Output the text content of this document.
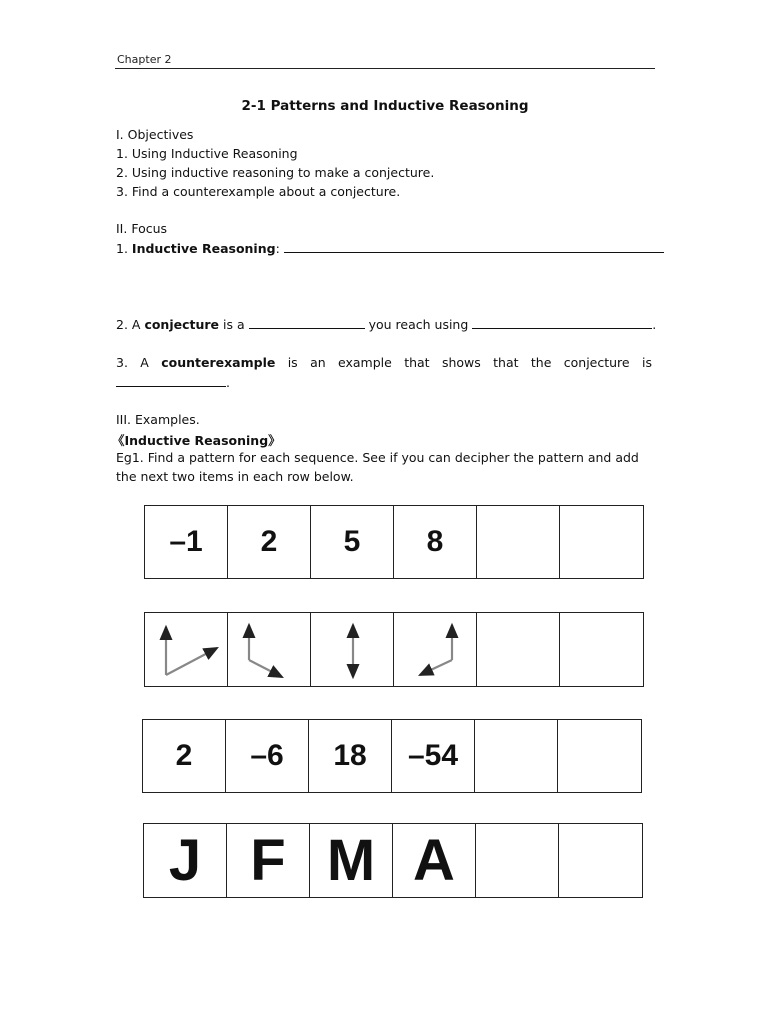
Chapter 2
2-1 Patterns and Inductive Reasoning
I. Objectives
1. Using Inductive Reasoning
2. Using inductive reasoning to make a conjecture.
3. Find a counterexample about a conjecture.
II. Focus
1. Inductive Reasoning:
2. A conjecture is a	you reach using	.
3. A counterexample is an example that shows that the conjecture is
.
III. Examples.
《Inductive Reasoning》
Eg1. Find a pattern for each sequence. See if you can decipher the pattern and add
the next two items in each row below.
–1	2	5	8
2	–6	18	–54
J F M A
